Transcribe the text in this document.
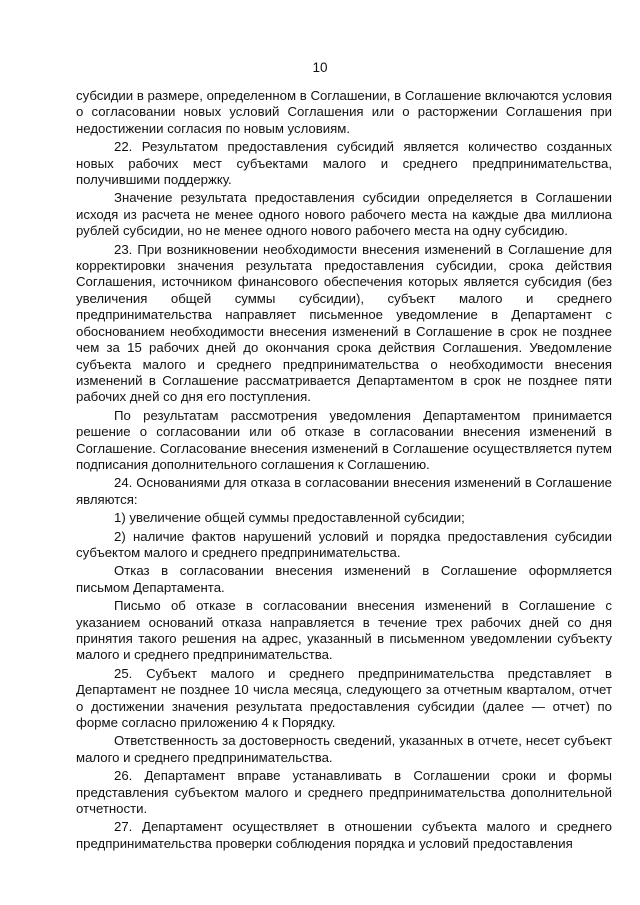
10

субсидии в размере, определенном в Соглашении, в Соглашение включаются условия о согласовании новых условий Соглашения или о расторжении Соглашения при недостижении согласия по новым условиям.

22. Результатом предоставления субсидий является количество созданных новых рабочих мест субъектами малого и среднего предпринимательства, получившими поддержку.

Значение результата предоставления субсидии определяется в Соглашении исходя из расчета не менее одного нового рабочего места на каждые два миллиона рублей субсидии, но не менее одного нового рабочего места на одну субсидию.

23. При возникновении необходимости внесения изменений в Соглашение для корректировки значения результата предоставления субсидии, срока действия Соглашения, источником финансового обеспечения которых является субсидия (без увеличения общей суммы субсидии), субъект малого и среднего предпринимательства направляет письменное уведомление в Департамент с обоснованием необходимости внесения изменений в Соглашение в срок не позднее чем за 15 рабочих дней до окончания срока действия Соглашения. Уведомление субъекта малого и среднего предпринимательства о необходимости внесения изменений в Соглашение рассматривается Департаментом в срок не позднее пяти рабочих дней со дня его поступления.

По результатам рассмотрения уведомления Департаментом принимается решение о согласовании или об отказе в согласовании внесения изменений в Соглашение. Согласование внесения изменений в Соглашение осуществляется путем подписания дополнительного соглашения к Соглашению.

24. Основаниями для отказа в согласовании внесения изменений в Соглашение являются:

1) увеличение общей суммы предоставленной субсидии;

2) наличие фактов нарушений условий и порядка предоставления субсидии субъектом малого и среднего предпринимательства.

Отказ в согласовании внесения изменений в Соглашение оформляется письмом Департамента.

Письмо об отказе в согласовании внесения изменений в Соглашение с указанием оснований отказа направляется в течение трех рабочих дней со дня принятия такого решения на адрес, указанный в письменном уведомлении субъекту малого и среднего предпринимательства.

25. Субъект малого и среднего предпринимательства представляет в Департамент не позднее 10 числа месяца, следующего за отчетным кварталом, отчет о достижении значения результата предоставления субсидии (далее — отчет) по форме согласно приложению 4 к Порядку.

Ответственность за достоверность сведений, указанных в отчете, несет субъект малого и среднего предпринимательства.

26. Департамент вправе устанавливать в Соглашении сроки и формы представления субъектом малого и среднего предпринимательства дополнительной отчетности.

27. Департамент осуществляет в отношении субъекта малого и среднего предпринимательства проверки соблюдения порядка и условий предоставления
